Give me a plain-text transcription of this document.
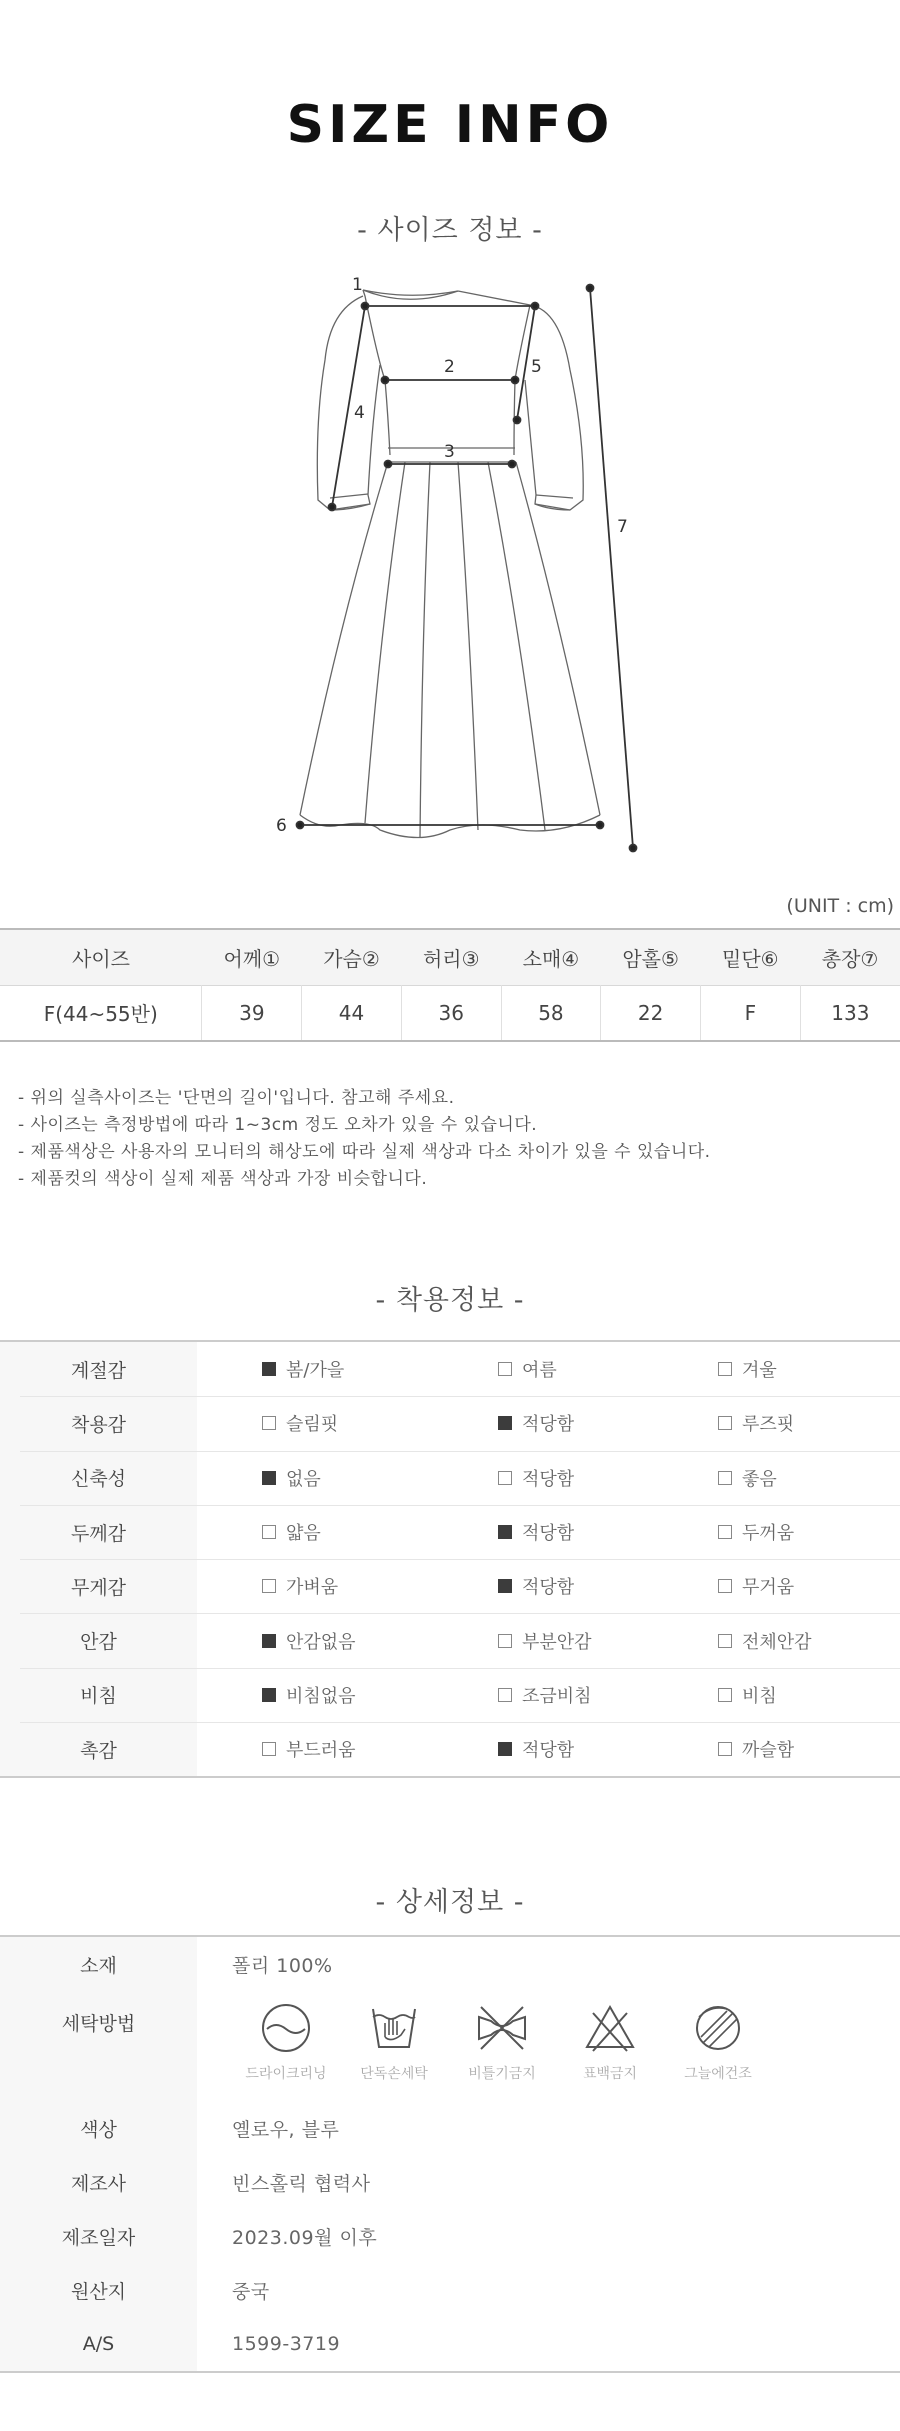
SIZE INFO
- 사이즈 정보 -
1
2
3
4
5
6
7
(UNIT : cm)
사이즈	어께①	가슴②	허리③	소매④	암홀⑤	밑단⑥	총장⑦
F(44~55반)	39	44	36	58	22	F	133
- 위의 실측사이즈는 '단면의 길이'입니다. 참고해 주세요.
- 사이즈는 측정방법에 따라 1~3cm 정도 오차가 있을 수 있습니다.
- 제품색상은 사용자의 모니터의 해상도에 따라 실제 색상과 다소 차이가 있을 수 있습니다.
- 제품컷의 색상이 실제 제품 색상과 가장 비슷합니다.
- 착용정보 -
계절감	봄/가을	여름	겨울
착용감	슬림핏	적당함	루즈핏
신축성	없음	적당함	좋음
두께감	얇음	적당함	두꺼움
무게감	가벼움	적당함	무거움
안감	안감없음	부분안감	전체안감
비침	비침없음	조금비침	비침
촉감	부드러움	적당함	까슬함
- 상세정보 -
소재	폴리 100%
세탁방법
드라이크리닝	단독손세탁	비틀기금지	표백금지	그늘에건조
색상	옐로우, 블루
제조사	빈스홀릭 협력사
제조일자	2023.09월 이후
원산지	중국
A/S	1599-3719
